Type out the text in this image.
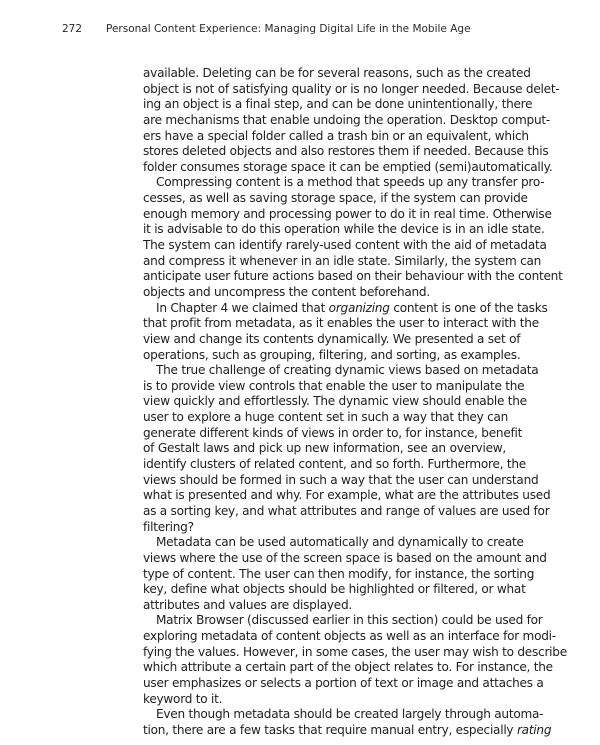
272 Personal Content Experience: Managing Digital Life in the Mobile Age
available. Deleting can be for several reasons, such as the created
object is not of satisfying quality or is no longer needed. Because delet-
ing an object is a final step, and can be done unintentionally, there
are mechanisms that enable undoing the operation. Desktop comput-
ers have a special folder called a trash bin or an equivalent, which
stores deleted objects and also restores them if needed. Because this
folder consumes storage space it can be emptied (semi)automatically.
Compressing content is a method that speeds up any transfer pro-
cesses, as well as saving storage space, if the system can provide
enough memory and processing power to do it in real time. Otherwise
it is advisable to do this operation while the device is in an idle state.
The system can identify rarely-used content with the aid of metadata
and compress it whenever in an idle state. Similarly, the system can
anticipate user future actions based on their behaviour with the content
objects and uncompress the content beforehand.
In Chapter 4 we claimed that organizing content is one of the tasks
that profit from metadata, as it enables the user to interact with the
view and change its contents dynamically. We presented a set of
operations, such as grouping, filtering, and sorting, as examples.
The true challenge of creating dynamic views based on metadata
is to provide view controls that enable the user to manipulate the
view quickly and effortlessly. The dynamic view should enable the
user to explore a huge content set in such a way that they can
generate different kinds of views in order to, for instance, benefit
of Gestalt laws and pick up new information, see an overview,
identify clusters of related content, and so forth. Furthermore, the
views should be formed in such a way that the user can understand
what is presented and why. For example, what are the attributes used
as a sorting key, and what attributes and range of values are used for
filtering?
Metadata can be used automatically and dynamically to create
views where the use of the screen space is based on the amount and
type of content. The user can then modify, for instance, the sorting
key, define what objects should be highlighted or filtered, or what
attributes and values are displayed.
Matrix Browser (discussed earlier in this section) could be used for
exploring metadata of content objects as well as an interface for modi-
fying the values. However, in some cases, the user may wish to describe
which attribute a certain part of the object relates to. For instance, the
user emphasizes or selects a portion of text or image and attaches a
keyword to it.
Even though metadata should be created largely through automa-
tion, there are a few tasks that require manual entry, especially rating
